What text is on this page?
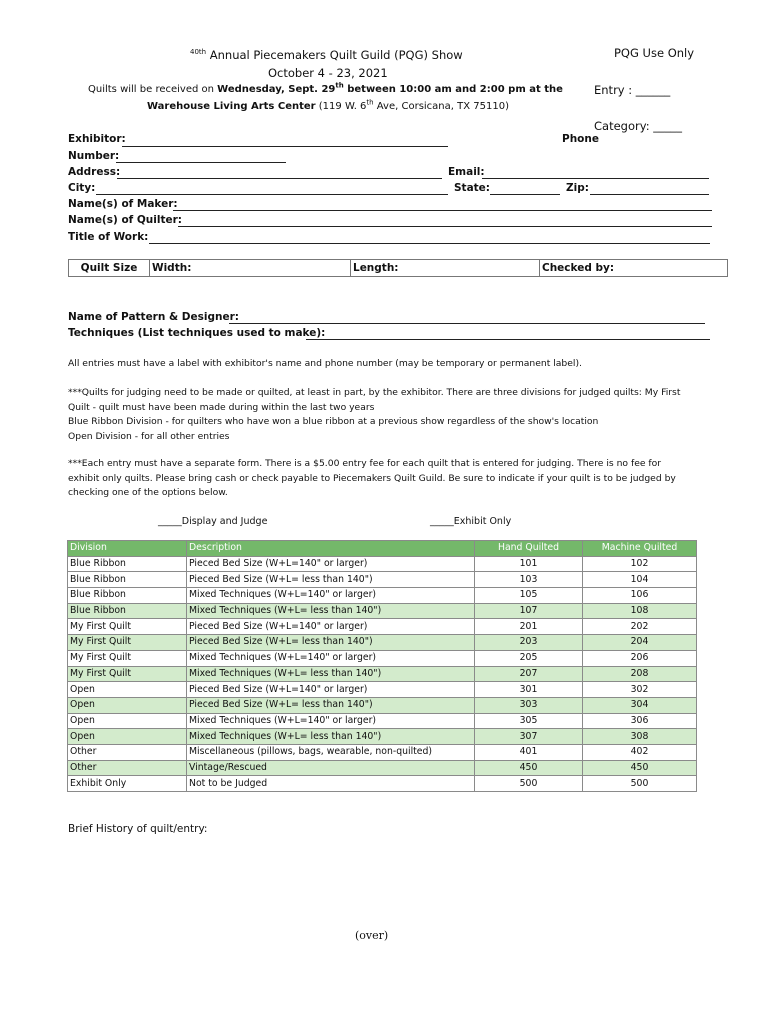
$^{40th}$ Annual Piecemakers Quilt Guild (PQG) Show
October 4 - 23, 2021
Quilts will be received on Wednesday, Sept. 29th between 10:00 am and 2:00 pm at the
Warehouse Living Arts Center (119 W. 6th Ave, Corsicana, TX 75110)
PQG Use Only
Entry : ______
Category: _____
Exhibitor:	Phone
Number:
Address:	Email:
City:	State:	Zip:
Name(s) of Maker:
Name(s) of Quilter:
Title of Work:
Quilt Size	Width:	Length:	Checked by:
Name of Pattern & Designer:
Techniques (List techniques used to make):
All entries must have a label with exhibitor's name and phone number (may be temporary or permanent label).
***Quilts for judging need to be made or quilted, at least in part, by the exhibitor. There are three divisions for judged quilts: My First
Quilt - quilt must have been made during within the last two years
Blue Ribbon Division - for quilters who have won a blue ribbon at a previous show regardless of the show's location
Open Division - for all other entries
***Each entry must have a separate form. There is a $5.00 entry fee for each quilt that is entered for judging. There is no fee for
exhibit only quilts. Please bring cash or check payable to Piecemakers Quilt Guild. Be sure to indicate if your quilt is to be judged by
checking one of the options below.
_____Display and Judge	_____Exhibit Only
Division	Description	Hand Quilted	Machine Quilted
Blue Ribbon	Pieced Bed Size (W+L=140" or larger)	101	102
Blue Ribbon	Pieced Bed Size (W+L= less than 140")	103	104
Blue Ribbon	Mixed Techniques (W+L=140" or larger)	105	106
Blue Ribbon	Mixed Techniques (W+L= less than 140")	107	108
My First Quilt	Pieced Bed Size (W+L=140" or larger)	201	202
My First Quilt	Pieced Bed Size (W+L= less than 140")	203	204
My First Quilt	Mixed Techniques (W+L=140" or larger)	205	206
My First Quilt	Mixed Techniques (W+L= less than 140")	207	208
Open	Pieced Bed Size (W+L=140" or larger)	301	302
Open	Pieced Bed Size (W+L= less than 140")	303	304
Open	Mixed Techniques (W+L=140" or larger)	305	306
Open	Mixed Techniques (W+L= less than 140")	307	308
Other	Miscellaneous (pillows, bags, wearable, non-quilted)	401	402
Other	Vintage/Rescued	450	450
Exhibit Only	Not to be Judged	500	500
Brief History of quilt/entry:
(over)
